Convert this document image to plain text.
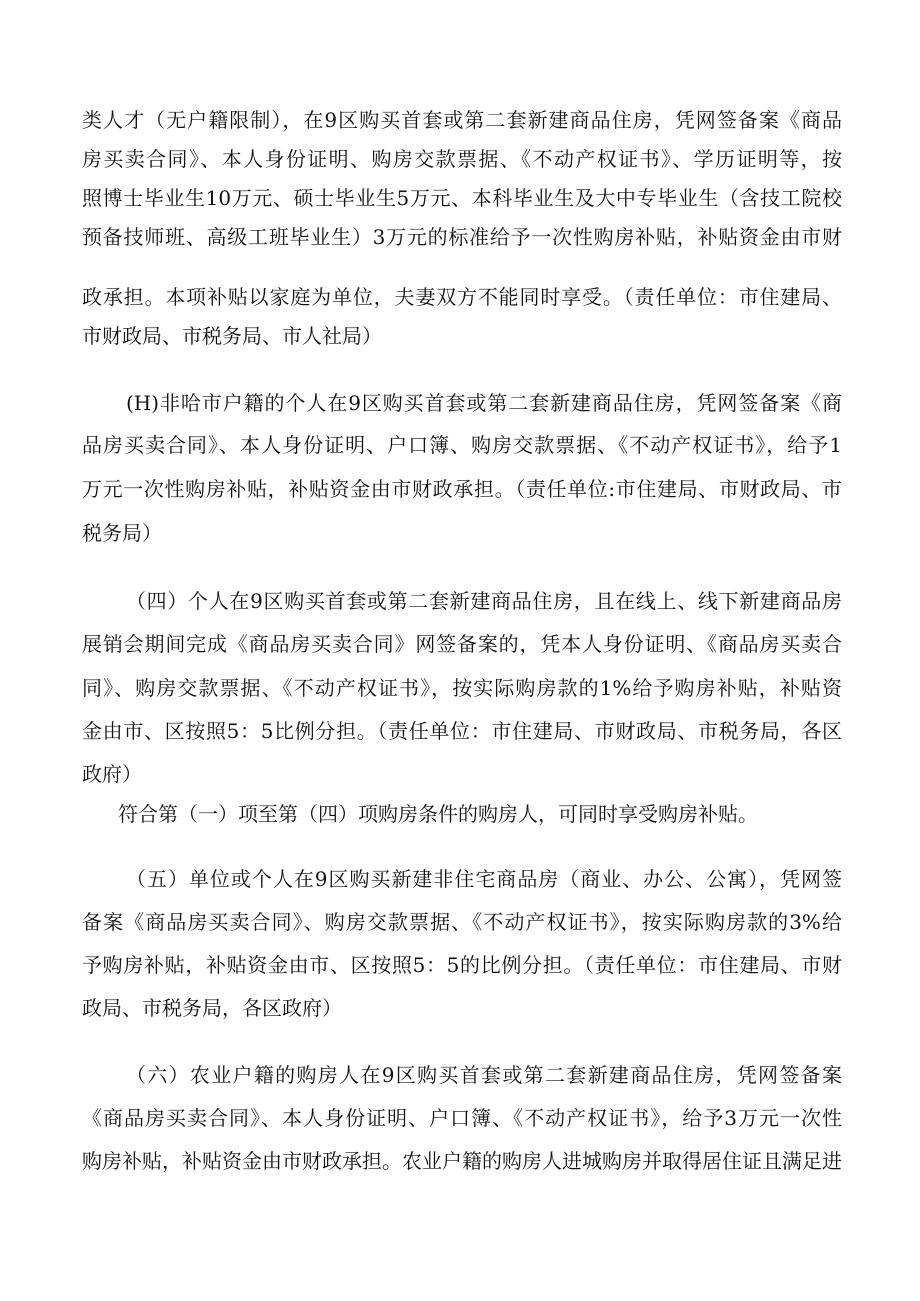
类人才（无户籍限制），在9区购买首套或第二套新建商品住房，凭网签备案《商品
房买卖合同》、本人身份证明、购房交款票据、《不动产权证书》、学历证明等，按
照博士毕业生10万元、硕士毕业生5万元、本科毕业生及大中专毕业生（含技工院校
预备技师班、高级工班毕业生）3万元的标准给予一次性购房补贴，补贴资金由市财
政承担。本项补贴以家庭为单位，夫妻双方不能同时享受。（责任单位：市住建局、
市财政局、市税务局、市人社局）
(H)非哈市户籍的个人在9区购买首套或第二套新建商品住房，凭网签备案《商
品房买卖合同》、本人身份证明、户口簿、购房交款票据、《不动产权证书》，给予1
万元一次性购房补贴，补贴资金由市财政承担。（责任单位:市住建局、市财政局、市
税务局）
（四）个人在9区购买首套或第二套新建商品住房，且在线上、线下新建商品房
展销会期间完成《商品房买卖合同》网签备案的，凭本人身份证明、《商品房买卖合
同》、购房交款票据、《不动产权证书》，按实际购房款的1%给予购房补贴，补贴资
金由市、区按照5：5比例分担。（责任单位：市住建局、市财政局、市税务局，各区
政府）
符合第（一）项至第（四）项购房条件的购房人，可同时享受购房补贴。
（五）单位或个人在9区购买新建非住宅商品房（商业、办公、公寓），凭网签
备案《商品房买卖合同》、购房交款票据、《不动产权证书》，按实际购房款的3%给
予购房补贴，补贴资金由市、区按照5：5的比例分担。（责任单位：市住建局、市财
政局、市税务局，各区政府）
（六）农业户籍的购房人在9区购买首套或第二套新建商品住房，凭网签备案
《商品房买卖合同》、本人身份证明、户口簿、《不动产权证书》，给予3万元一次性
购房补贴，补贴资金由市财政承担。农业户籍的购房人进城购房并取得居住证且满足进
